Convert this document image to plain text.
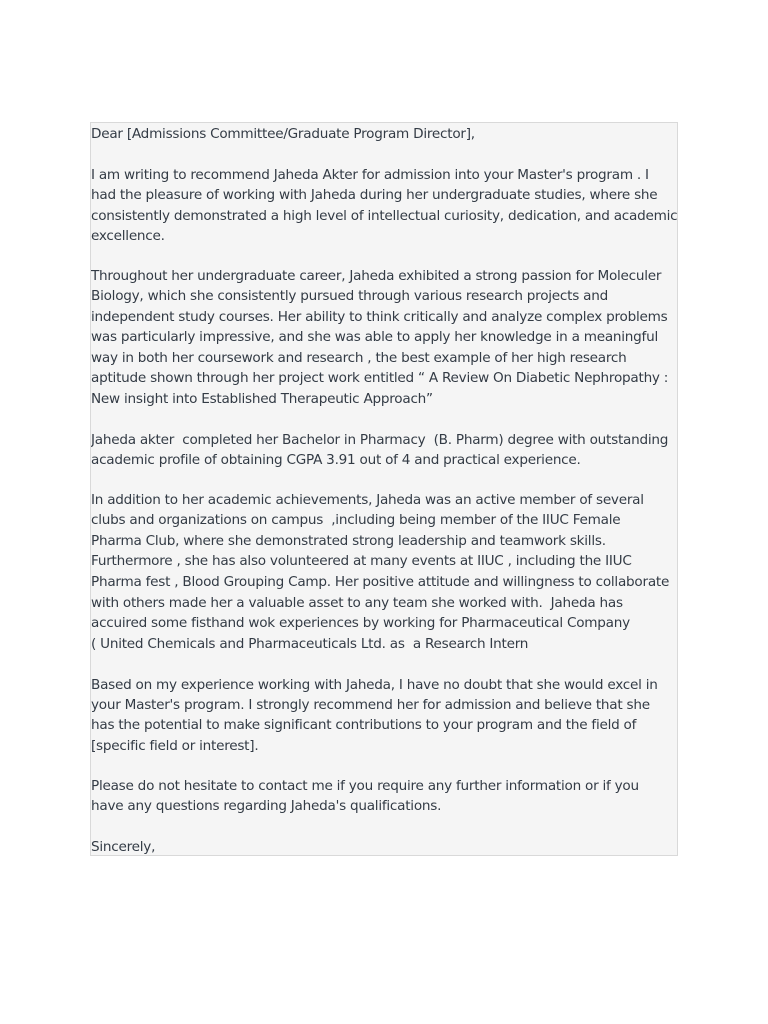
Dear [Admissions Committee/Graduate Program Director],

I am writing to recommend Jaheda Akter for admission into your Master's program . I

had the pleasure of working with Jaheda during her undergraduate studies, where she

consistently demonstrated a high level of intellectual curiosity, dedication, and academic

excellence.

Throughout her undergraduate career, Jaheda exhibited a strong passion for Moleculer

Biology, which she consistently pursued through various research projects and

independent study courses. Her ability to think critically and analyze complex problems

was particularly impressive, and she was able to apply her knowledge in a meaningful

way in both her coursework and research , the best example of her high research

aptitude shown through her project work entitled “ A Review On Diabetic Nephropathy :

New insight into Established Therapeutic Approach”

Jaheda akter  completed her Bachelor in Pharmacy  (B. Pharm) degree with outstanding

academic profile of obtaining CGPA 3.91 out of 4 and practical experience.

In addition to her academic achievements, Jaheda was an active member of several

clubs and organizations on campus  ,including being member of the IIUC Female

Pharma Club, where she demonstrated strong leadership and teamwork skills.

Furthermore , she has also volunteered at many events at IIUC , including the IIUC

Pharma fest , Blood Grouping Camp. Her positive attitude and willingness to collaborate

with others made her a valuable asset to any team she worked with.  Jaheda has

accuired some fisthand wok experiences by working for Pharmaceutical Company

( United Chemicals and Pharmaceuticals Ltd. as  a Research Intern

Based on my experience working with Jaheda, I have no doubt that she would excel in

your Master's program. I strongly recommend her for admission and believe that she

has the potential to make significant contributions to your program and the field of

[specific field or interest].

Please do not hesitate to contact me if you require any further information or if you

have any questions regarding Jaheda's qualifications.

Sincerely,
